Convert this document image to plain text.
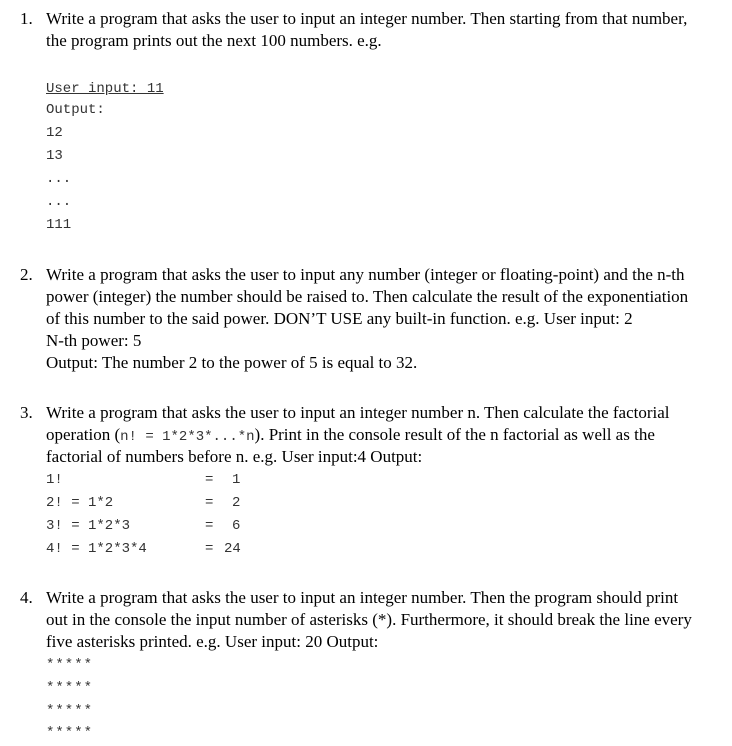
1. Write a program that asks the user to input an integer number. Then starting from that number,
the program prints out the next 100 numbers. e.g.
User input: 11
Output:
12
13
...
...
111
2. Write a program that asks the user to input any number (integer or floating-point) and the n-th
power (integer) the number should be raised to. Then calculate the result of the exponentiation
of this number to the said power. DON’T USE any built-in function. e.g. User input: 2
N-th power: 5
Output: The number 2 to the power of 5 is equal to 32.
3. Write a program that asks the user to input an integer number n. Then calculate the factorial
operation (n! = 1*2*3*...*n). Print in the console result of the n factorial as well as the
factorial of numbers before n. e.g. User input:4 Output:
1!	= 1
2! = 1*2	= 2
3! = 1*2*3	= 6
4! = 1*2*3*4	= 24
4. Write a program that asks the user to input an integer number. Then the program should print
out in the console the input number of asterisks (*). Furthermore, it should break the line every
five asterisks printed. e.g. User input: 20 Output:
*****
*****
*****
*****
